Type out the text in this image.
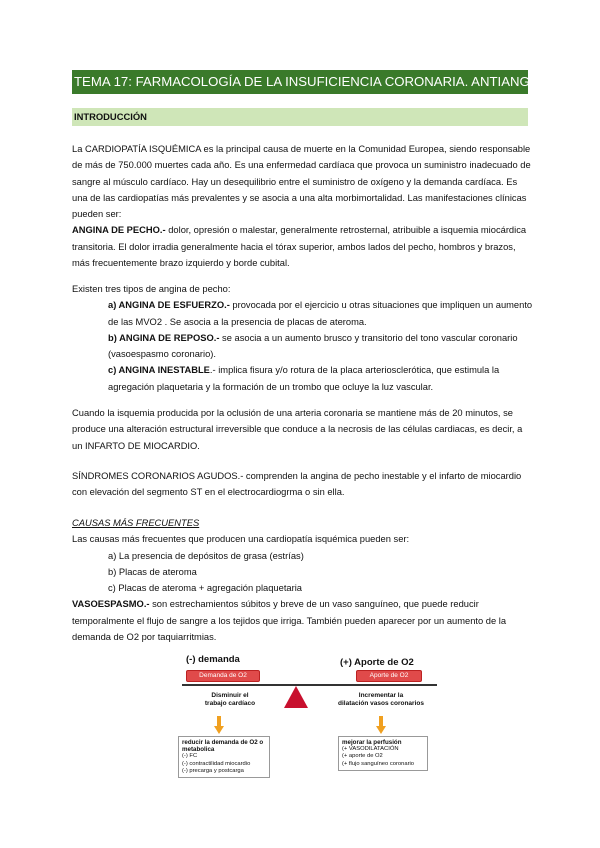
TEMA 17: FARMACOLOGÍA DE LA INSUFICIENCIA CORONARIA. ANTIANGINOSOS
INTRODUCCIÓN

La CARDIOPATÍA ISQUÉMICA es la principal causa de muerte en la Comunidad Europea, siendo responsable de más de 750.000 muertes cada año. Es una enfermedad cardíaca que provoca un suministro inadecuado de sangre al músculo cardíaco. Hay un desequilibrio entre el suministro de oxígeno y la demanda cardíaca. Es una de las cardiopatías más prevalentes y se asocia a una alta morbimortalidad. Las manifestaciones clínicas pueden ser:

ANGINA DE PECHO.- dolor, opresión o malestar, generalmente retrosternal, atribuible a isquemia miocárdica transitoria. El dolor irradia generalmente hacia el tórax superior, ambos lados del pecho, hombros y brazos, más frecuentemente brazo izquierdo y borde cubital.

Existen tres tipos de angina de pecho:

a) ANGINA DE ESFUERZO.- provocada por el ejercicio u otras situaciones que impliquen un aumento de las MVO2 . Se asocia a la presencia de placas de ateroma.

b) ANGINA DE REPOSO.- se asocia a un aumento brusco y transitorio del tono vascular coronario (vasoespasmo coronario).

c) ANGINA INESTABLE.- implica fisura y/o rotura de la placa arteriosclerótica, que estimula la agregación plaquetaria y la formación de un trombo que ocluye la luz vascular.

Cuando la isquemia producida por la oclusión de una arteria coronaria se mantiene más de 20 minutos, se produce una alteración estructural irreversible que conduce a la necrosis de las células cardiacas, es decir, a un INFARTO DE MIOCARDIO.
SÍNDROMES CORONARIOS AGUDOS.- comprenden la angina de pecho inestable y el infarto de miocardio con elevación del segmento ST en el electrocardiogrma o sin ella.

CAUSAS MÁS FRECUENTES

Las causas más frecuentes que producen una cardiopatía isquémica pueden ser:

a) La presencia de depósitos de grasa (estrías)

b) Placas de ateroma

c) Placas de ateroma + agregación plaquetaria

VASOESPASMO.- son estrechamientos súbitos y breve de un vaso sanguíneo, que puede reducir temporalmente el flujo de sangre a los tejidos que irriga. También pueden aparecer por un aumento de la demanda de O2 por taquiarritmias.

(-) demanda	(+) Aporte de O2
Demanda de O2	Aporte de O2
Disminuir el
trabajo cardíaco
Incrementar la
dilatación vasos coronarios
reducir la demanda de O2 o
metabolica
(-) FC
(-) contractilidad miocardio
(-) precarga y postcarga
mejorar la perfusión
(+ VASODILATACIÓN
(+ aporte de O2
(+ flujo sanguíneo coronario
